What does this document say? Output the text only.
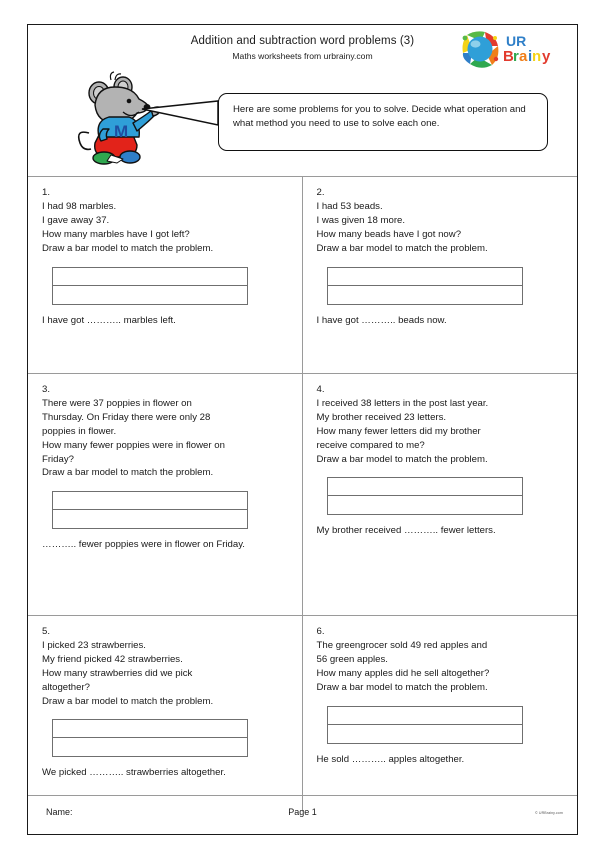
Addition and subtraction word problems (3)
Maths worksheets from urbrainy.com
UR
B r a i n y
M
Here are some problems for you to solve. Decide what operation and what method you need to use to solve each one.
1.
I had 98 marbles.
I gave away 37.
How many marbles have I got left?
Draw a bar model to match the problem.
I have got ……….. marbles left.
2.
I had 53 beads.
I was given 18 more.
How many beads have I got now?
Draw a bar model to match the problem.
I have got ……….. beads now.
3.
There were 37 poppies in flower on
Thursday. On Friday there were only 28
poppies in flower.
How many fewer poppies were in flower on
Friday?
Draw a bar model to match the problem.
……….. fewer poppies were in flower on Friday.
4.
I received 38 letters in the post last year.
My brother received 23 letters.
How many fewer letters did my brother
receive compared to me?
Draw a bar model to match the problem.
My brother received ……….. fewer letters.
5.
I picked 23 strawberries.
My friend picked 42 strawberries.
How many strawberries did we pick
altogether?
Draw a bar model to match the problem.
We picked ……….. strawberries altogether.
6.
The greengrocer sold 49 red apples and
56 green apples.
How many apples did he sell altogether?
Draw a bar model to match the problem.
He sold ……….. apples altogether.
Name:	Page 1	© URBrainy.com
